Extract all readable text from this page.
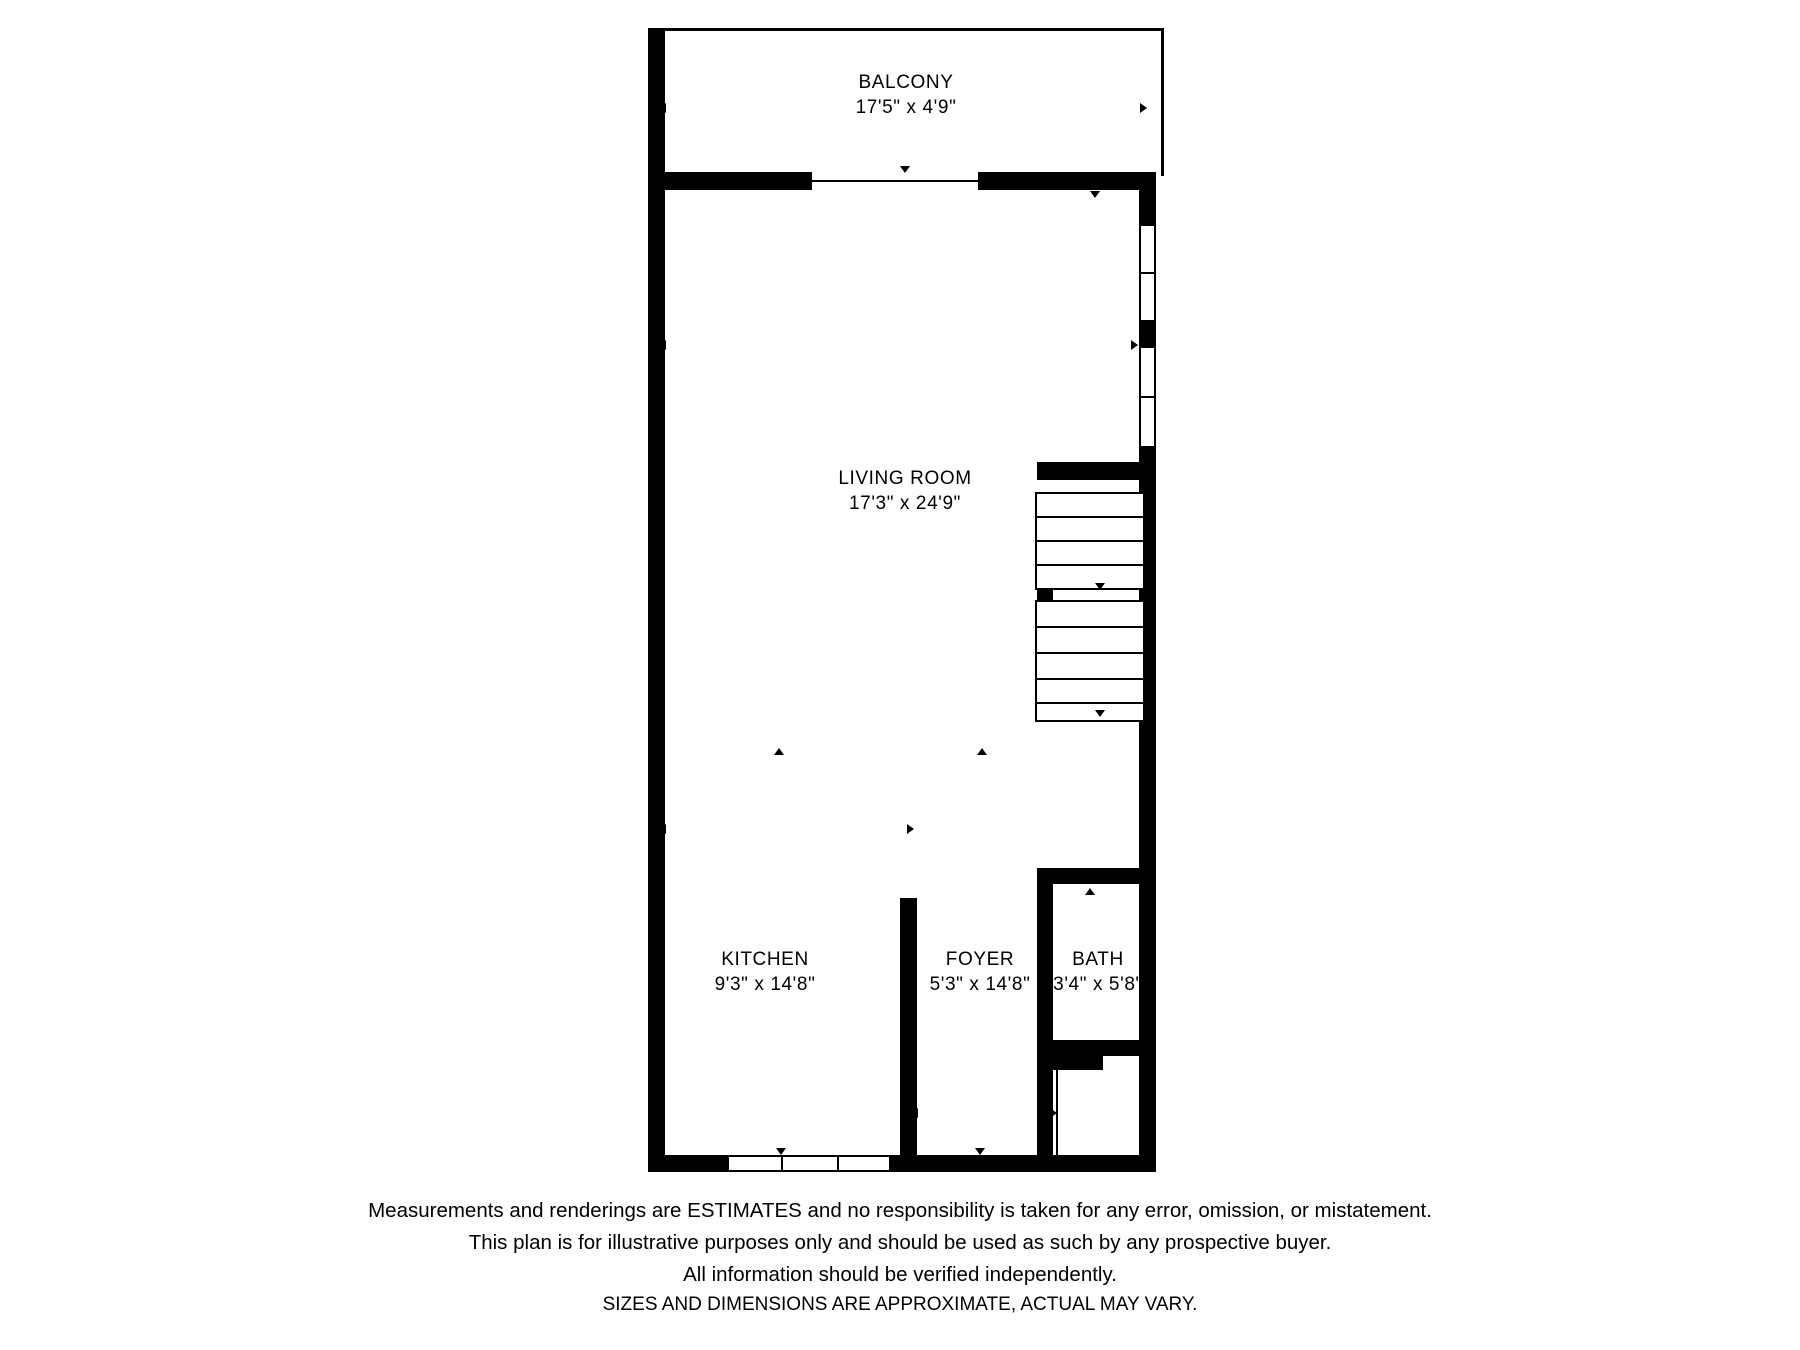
BALCONY
17'5" x 4'9"
LIVING ROOM
17'3" x 24'9"
KITCHEN
9'3" x 14'8"
FOYER
5'3" x 14'8"
BATH
3'4" x 5'8"
Measurements and renderings are ESTIMATES and no responsibility is taken for any error, omission, or mistatement.
This plan is for illustrative purposes only and should be used as such by any prospective buyer.
All information should be verified independently.
SIZES AND DIMENSIONS ARE APPROXIMATE, ACTUAL MAY VARY.
